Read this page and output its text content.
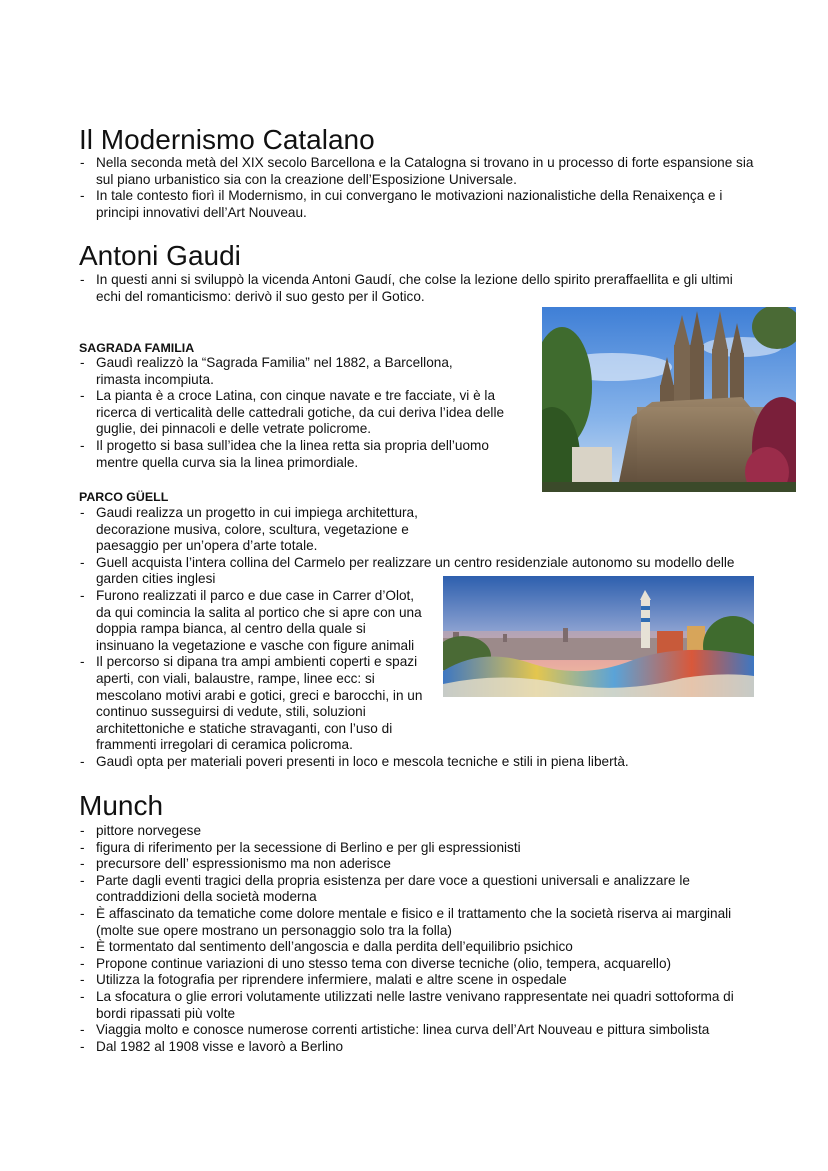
Il Modernismo Catalano
- Nella seconda metà del XIX secolo Barcellona e la Catalogna si trovano in u processo di forte espansione sia sul piano urbanistico sia con la creazione dell’Esposizione Universale.
- In tale contesto fiorì il Modernismo, in cui convergano le motivazioni nazionalistiche della Renaixença e i principi innovativi dell’Art Nouveau.
Antoni Gaudi
- In questi anni si sviluppò la vicenda Antoni Gaudí, che colse la lezione dello spirito preraffaellita e gli ultimi echi del romanticismo: derivò il suo gesto per il Gotico.
SAGRADA FAMILIA
- Gaudì realizzò la “Sagrada Familia” nel 1882, a Barcellona, rimasta incompiuta.
- La pianta è a croce Latina, con cinque navate e tre facciate, vi è la ricerca di verticalità delle cattedrali gotiche, da cui deriva l’idea delle guglie, dei pinnacoli e delle vetrate policrome.
- Il progetto si basa sull’idea che la linea retta sia propria dell’uomo mentre quella curva sia la linea primordiale.
PARCO GÜELL
- Gaudi realizza un progetto in cui impiega architettura, decorazione musiva, colore, scultura, vegetazione e paesaggio per un’opera d’arte totale.
- Guell acquista l’intera collina del Carmelo per realizzare un centro residenziale autonomo su modello delle garden cities inglesi
- Furono realizzati il parco e due case in Carrer d’Olot, da qui comincia la salita al portico che si apre con una doppia rampa bianca, al centro della quale si insinuano la vegetazione e vasche con figure animali
- Il percorso si dipana tra ampi ambienti coperti e spazi aperti, con viali, balaustre, rampe, linee ecc: si mescolano motivi arabi e gotici, greci e barocchi, in un continuo susseguirsi di vedute, stili, soluzioni architettoniche e statiche stravaganti, con l’uso di frammenti irregolari di ceramica policroma.
- Gaudì opta per materiali poveri presenti in loco e mescola tecniche e stili in piena libertà.
Munch
- pittore norvegese
- figura di riferimento per la secessione di Berlino e per gli espressionisti
- precursore dell’ espressionismo ma non aderisce
- Parte dagli eventi tragici della propria esistenza per dare voce a questioni universali e analizzare le contraddizioni della società moderna
- È affascinato da tematiche come dolore mentale e fisico e il trattamento che la società riserva ai marginali (molte sue opere mostrano un personaggio solo tra la folla)
- È tormentato dal sentimento dell’angoscia e dalla perdita dell’equilibrio psichico
- Propone continue variazioni di uno stesso tema con diverse tecniche (olio, tempera, acquarello)
- Utilizza la fotografia per riprendere infermiere, malati e altre scene in ospedale
- La sfocatura o glie errori volutamente utilizzati nelle lastre venivano rappresentate nei quadri sottoforma di bordi ripassati più volte
- Viaggia molto e conosce numerose correnti artistiche: linea curva dell’Art Nouveau e pittura simbolista
- Dal 1982 al 1908 visse e lavorò a Berlino
